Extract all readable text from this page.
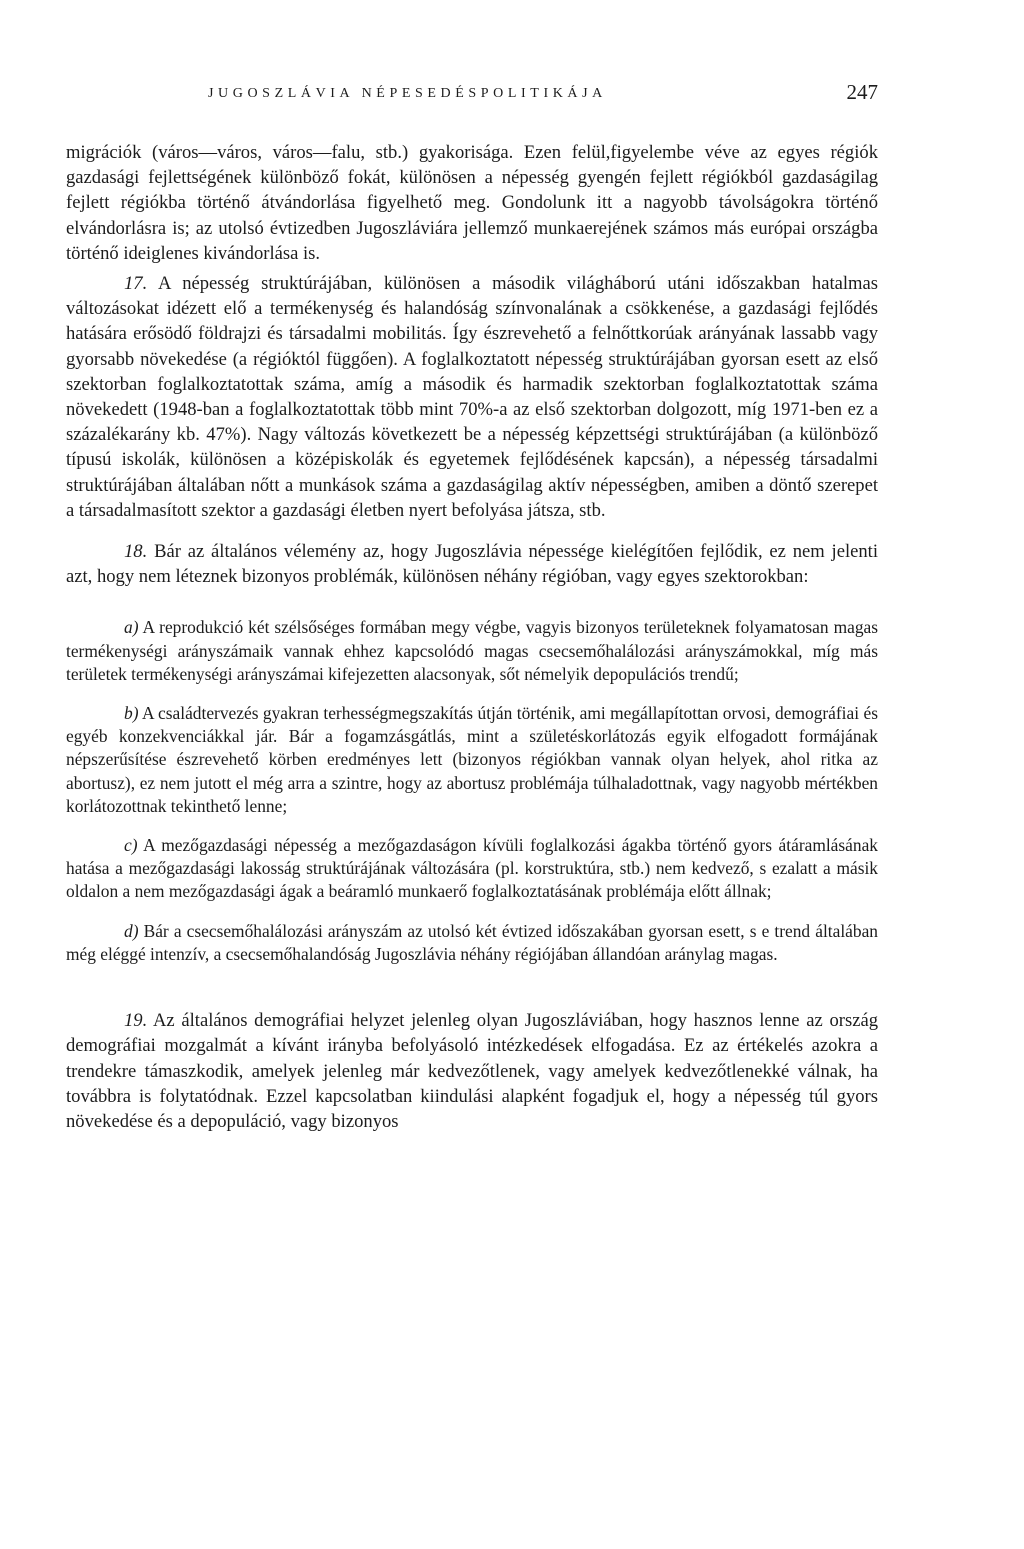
JUGOSZLÁVIA NÉPESEDÉSPOLITIKÁJA	247

migrációk (város—város, város—falu, stb.) gyakorisága. Ezen felül,figyelembe véve az egyes régiók gazdasági fejlettségének különböző fokát, különösen a népesség gyengén fejlett régiókból gazdaságilag fejlett régiókba történő átvándorlása figyelhető meg. Gondolunk itt a nagyobb távolságokra történő elvándorlásra is; az utolsó évtizedben Jugoszláviára jellemző munkaerejének számos más európai országba történő ideiglenes kivándorlása is.

17. A népesség struktúrájában, különösen a második világháború utáni időszakban hatalmas változásokat idézett elő a termékenység és halandóság színvonalának a csökkenése, a gazdasági fejlődés hatására erősödő földrajzi és társadalmi mobilitás. Így észrevehető a felnőttkorúak arányának lassabb vagy gyorsabb növekedése (a régióktól függően). A foglalkoztatott népesség struktúrájában gyorsan esett az első szektorban foglalkoztatottak száma, amíg a második és harmadik szektorban foglalkoztatottak száma növekedett (1948-ban a foglalkoztatottak több mint 70%-a az első szektorban dolgozott, míg 1971-ben ez a százalékarány kb. 47%). Nagy változás következett be a népesség képzettségi struktúrájában (a különböző típusú iskolák, különösen a középiskolák és egyetemek fejlődésének kapcsán), a népesség társadalmi struktúrájában általában nőtt a munkások száma a gazdaságilag aktív népességben, amiben a döntő szerepet a társadalmasított szektor a gazdasági életben nyert befolyása játsza, stb.

18. Bár az általános vélemény az, hogy Jugoszlávia népessége kielégítően fejlődik, ez nem jelenti azt, hogy nem léteznek bizonyos problémák, különösen néhány régióban, vagy egyes szektorokban:

a) A reprodukció két szélsőséges formában megy végbe, vagyis bizonyos területeknek folyamatosan magas termékenységi arányszámaik vannak ehhez kapcsolódó magas csecsemőhalálozási arányszámokkal, míg más területek termékenységi arányszámai kifejezetten alacsonyak, sőt némelyik depopulációs trendű;

b) A családtervezés gyakran terhességmegszakítás útján történik, ami megállapítottan orvosi, demográfiai és egyéb konzekvenciákkal jár. Bár a fogamzásgátlás, mint a születéskorlátozás egyik elfogadott formájának népszerűsítése észrevehető körben eredményes lett (bizonyos régiókban vannak olyan helyek, ahol ritka az abortusz), ez nem jutott el még arra a szintre, hogy az abortusz problémája túlhaladottnak, vagy nagyobb mértékben korlátozottnak tekinthető lenne;

c) A mezőgazdasági népesség a mezőgazdaságon kívüli foglalkozási ágakba történő gyors átáramlásának hatása a mezőgazdasági lakosság struktúrájának változására (pl. korstruktúra, stb.) nem kedvező, s ezalatt a másik oldalon a nem mezőgazdasági ágak a beáramló munkaerő foglalkoztatásának problémája előtt állnak;

d) Bár a csecsemőhalálozási arányszám az utolsó két évtized időszakában gyorsan esett, s e trend általában még eléggé intenzív, a csecsemőhalandóság Jugoszlávia néhány régiójában állandóan aránylag magas.

19. Az általános demográfiai helyzet jelenleg olyan Jugoszláviában, hogy hasznos lenne az ország demográfiai mozgalmát a kívánt irányba befolyásoló intézkedések elfogadása. Ez az értékelés azokra a trendekre támaszkodik, amelyek jelenleg már kedvezőtlenek, vagy amelyek kedvezőtlenekké válnak, ha továbbra is folytatódnak. Ezzel kapcsolatban kiindulási alapként fogadjuk el, hogy a népesség túl gyors növekedése és a depopuláció, vagy bizonyos
